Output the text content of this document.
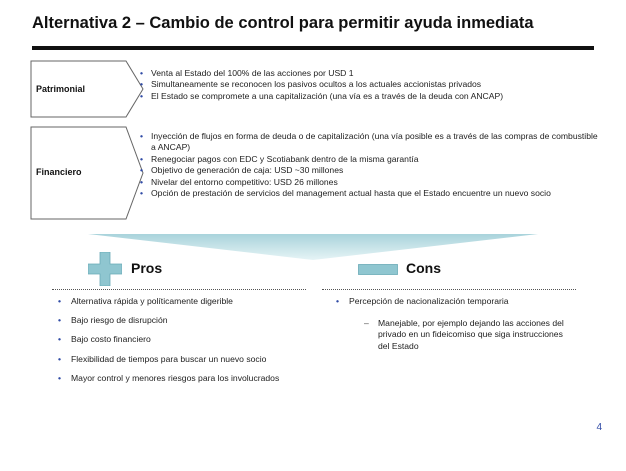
Alternativa 2 – Cambio de control para permitir ayuda inmediata
Patrimonial
• Venta al Estado del 100% de las acciones por USD 1
• Simultaneamente se reconocen los pasivos ocultos a los actuales accionistas privados
• El Estado se compromete a una capitalización (una vía es a través de la deuda con ANCAP)
Financiero
• Inyección de flujos en forma de deuda o de capitalización (una vía posible es a través de las compras de combustible a ANCAP)
• Renegociar pagos con EDC y Scotiabank dentro de la misma garantía
• Objetivo de generación de caja: USD ~30 millones
• Nivelar del entorno competitivo: USD 26 millones
• Opción de prestación de servicios del management actual hasta que el Estado encuentre un nuevo socio
Pros	Cons
• Alternativa rápida y políticamente digerible
• Bajo riesgo de disrupción
• Bajo costo financiero
• Flexibilidad de tiempos para buscar un nuevo socio
• Mayor control y menores riesgos para los involucrados
• Percepción de nacionalización temporaria
– Manejable, por ejemplo dejando las acciones del privado en un fideicomiso que siga instrucciones del Estado
4
